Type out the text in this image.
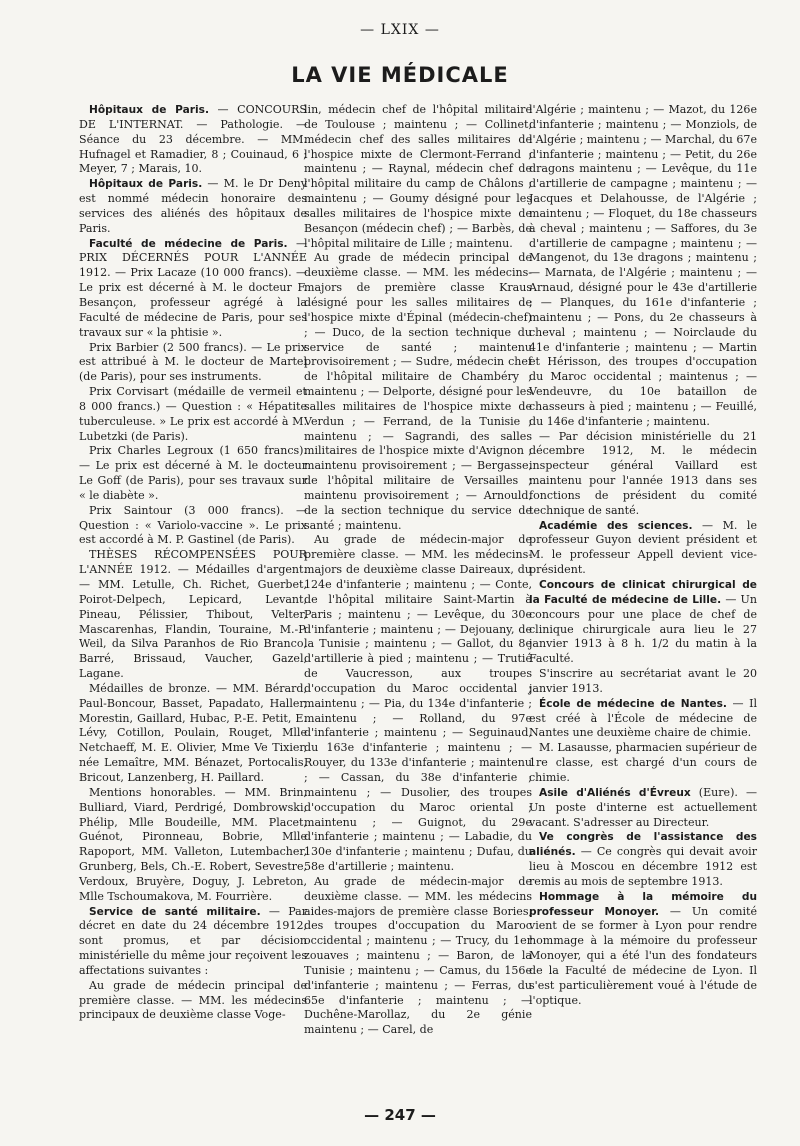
— LXIX —
LA VIE MÉDICALE

Hôpitaux de Paris. — CONCOURS DE L'INTERNAT. — Pathologie. — Séance du 23 décembre. — MM. Hufnagel et Ramadier, 8 ; Couinaud, 6 ; Meyer, 7 ; Marais, 10.

Hôpitaux de Paris. — M. le Dr Deny est nommé médecin honoraire des services des aliénés des hôpitaux de Paris.

Faculté de médecine de Paris. — PRIX DÉCERNÉS POUR L'ANNÉE 1912. — Prix Lacaze (10 000 francs). — Le prix est décerné à M. le docteur F. Besançon, professeur agrégé à la Faculté de médecine de Paris, pour ses travaux sur « la phtisie ».

Prix Barbier (2 500 francs). — Le prix est attribué à M. le docteur de Martel (de Paris), pour ses instruments.

Prix Corvisart (médaille de vermeil et 8 000 francs.) — Question : « Hépatite tuberculeuse. » Le prix est accordé à M. Lubetzki (de Paris).

Prix Charles Legroux (1 650 francs). — Le prix est décerné à M. le docteur Le Goff (de Paris), pour ses travaux sur « le diabète ».

Prix Saintour (3 000 francs). — Question : « Variolo-vaccine ». Le prix est accordé à M. P. Gastinel (de Paris).

THÈSES RÉCOMPENSÉES POUR L'ANNÉE 1912. — Médailles d'argent. — MM. Letulle, Ch. Richet, Guerbet, Poirot-Delpech, Lepicard, Levant, Pineau, Pélissier, Thibout, Velter, Mascarenhas, Flandin, Touraine, M.-P. Weil, da Silva Paranhos de Rio Branco, Barré, Brissaud, Vaucher, Gazel, Lagane.

Médailles de bronze. — MM. Bérard, Paul-Boncour, Basset, Papadato, Haller, Morestin, Gaillard, Hubac, P.-E. Petit, E. Lévy, Cotillon, Poulain, Rouget, Mlle Netchaeff, M. E. Olivier, Mme Ve Tixier, née Lemaître, MM. Bénazet, Portocalis, Bricout, Lanzenberg, H. Paillard.

Mentions honorables. — MM. Brin, Bulliard, Viard, Perdrigé, Dombrowski, Phélip, Mlle Boudeille, MM. Placet, Guénot, Pironneau, Bobrie, Mlle Rapoport, MM. Valleton, Lutembacher, Grunberg, Bels, Ch.-E. Robert, Sevestre, Verdoux, Bruyère, Doguy, J. Lebreton, Mlle Tschoumakova, M. Fourrière.

Service de santé militaire. — Par décret en date du 24 décembre 1912, sont promus, et par décision ministérielle du même jour reçoivent les affectations suivantes :

Au grade de médecin principal de première classe. — MM. les médecins principaux de deuxième classe Voge-

lin, médecin chef de l'hôpital militaire de Toulouse ; maintenu ; — Collinet, médecin chef des salles militaires de l'hospice mixte de Clermont-Ferrand ; maintenu ; — Raynal, médecin chef de l'hôpital militaire du camp de Châlons ; maintenu ; — Goumy désigné pour les salles militaires de l'hospice mixte de Besançon (médecin chef) ; — Barbès, de l'hôpital militaire de Lille ; maintenu.

Au grade de médecin principal de deuxième classe. — MM. les médecins-majors de première classe Kraus désigné pour les salles militaires de l'hospice mixte d'Épinal (médecin-chef) ; — Duco, de la section technique du service de santé ; maintenu provisoirement ; — Sudre, médecin chef de l'hôpital militaire de Chambéry ; maintenu ; — Delporte, désigné pour les salles militaires de l'hospice mixte de Verdun ; — Ferrand, de la Tunisie ; maintenu ; — Sagrandi, des salles militaires de l'hospice mixte d'Avignon ; maintenu provisoirement ; — Bergasse, de l'hôpital militaire de Versailles ; maintenu provisoirement ; — Arnould, de la section technique du service de santé ; maintenu.

Au grade de médecin-major de première classe. — MM. les médecins-majors de deuxième classe Daireaux, du 124e d'infanterie ; maintenu ; — Conte, de l'hôpital militaire Saint-Martin à Paris ; maintenu ; — Levêque, du 30e d'infanterie ; maintenu ; — Dejouany, de la Tunisie ; maintenu ; — Gallot, du 8e d'artillerie à pied ; maintenu ; — Trutié de Vaucresson, aux troupes d'occupation du Maroc occidental ; maintenu ; — Pia, du 134e d'infanterie ; maintenu ; — Rolland, du 97e d'infanterie ; maintenu ; — Seguinaud, du 163e d'infanterie ; maintenu ; — Rouyer, du 133e d'infanterie ; maintenu ; — Cassan, du 38e d'infanterie ; maintenu ; — Dusolier, des troupes d'occupation du Maroc oriental ; maintenu ; — Guignot, du 29e d'infanterie ; maintenu ; — Labadie, du 130e d'infanterie ; maintenu ; Dufau, du 58e d'artillerie ; maintenu.

Au grade de médecin-major de deuxième classe. — MM. les médecins aides-majors de première classe Bories, des troupes d'occupation du Maroc occidental ; maintenu ; — Trucy, du 1er zouaves ; maintenu ; — Baron, de la Tunisie ; maintenu ; — Camus, du 156e d'infanterie ; maintenu ; — Ferras, du 65e d'infanterie ; maintenu ; — Duchêne-Marollaz, du 2e génie maintenu ; — Carel, de

l'Algérie ; maintenu ; — Mazot, du 126e d'infanterie ; maintenu ; — Monziols, de l'Algérie ; maintenu ; — Marchal, du 67e d'infanterie ; maintenu ; — Petit, du 26e dragons maintenu ; — Levêque, du 11e d'artillerie de campagne ; maintenu ; — Jacques et Delahousse, de l'Algérie ; maintenu ; — Floquet, du 18e chasseurs à cheval ; maintenu ; — Saffores, du 3e d'artillerie de campagne ; maintenu ; — Mangenot, du 13e dragons ; maintenu ; — Marnata, de l'Algérie ; maintenu ; — Arnaud, désigné pour le 43e d'artillerie ; — Planques, du 161e d'infanterie ; maintenu ; — Pons, du 2e chasseurs à cheval ; maintenu ; — Noirclaude du 41e d'infanterie ; maintenu ; — Martin et Hérisson, des troupes d'occupation du Maroc occidental ; maintenus ; — Vendeuvre, du 10e bataillon de chasseurs à pied ; maintenu ; — Feuillé, du 146e d'infanterie ; maintenu.

— Par décision ministérielle du 21 décembre 1912, M. le médecin inspecteur général Vaillard est maintenu pour l'année 1913 dans ses fonctions de président du comité technique de santé.

Académie des sciences. — M. le professeur Guyon devient président et M. le professeur Appell devient vice-président.

Concours de clinicat chirurgical de la Faculté de médecine de Lille. — Un concours pour une place de chef de clinique chirurgicale aura lieu le 27 janvier 1913 à 8 h. 1/2 du matin à la Faculté.

S'inscrire au secrétariat avant le 20 janvier 1913.

École de médecine de Nantes. — Il est créé à l'École de médecine de Nantes une deuxième chaire de chimie.

M. Lasausse, pharmacien supérieur de 1re classe, est chargé d'un cours de chimie.

Asile d'Aliénés d'Évreux (Eure). — Un poste d'interne est actuellement vacant. S'adresser au Directeur.

Ve congrès de l'assistance des aliénés. — Ce congrès qui devait avoir lieu à Moscou en décembre 1912 est remis au mois de septembre 1913.

Hommage à la mémoire du professeur Monoyer. — Un comité vient de se former à Lyon pour rendre hommage à la mémoire du professeur Monoyer, qui a été l'un des fondateurs de la Faculté de médecine de Lyon. Il s'est particulièrement voué à l'étude de l'optique.

— 247 —
